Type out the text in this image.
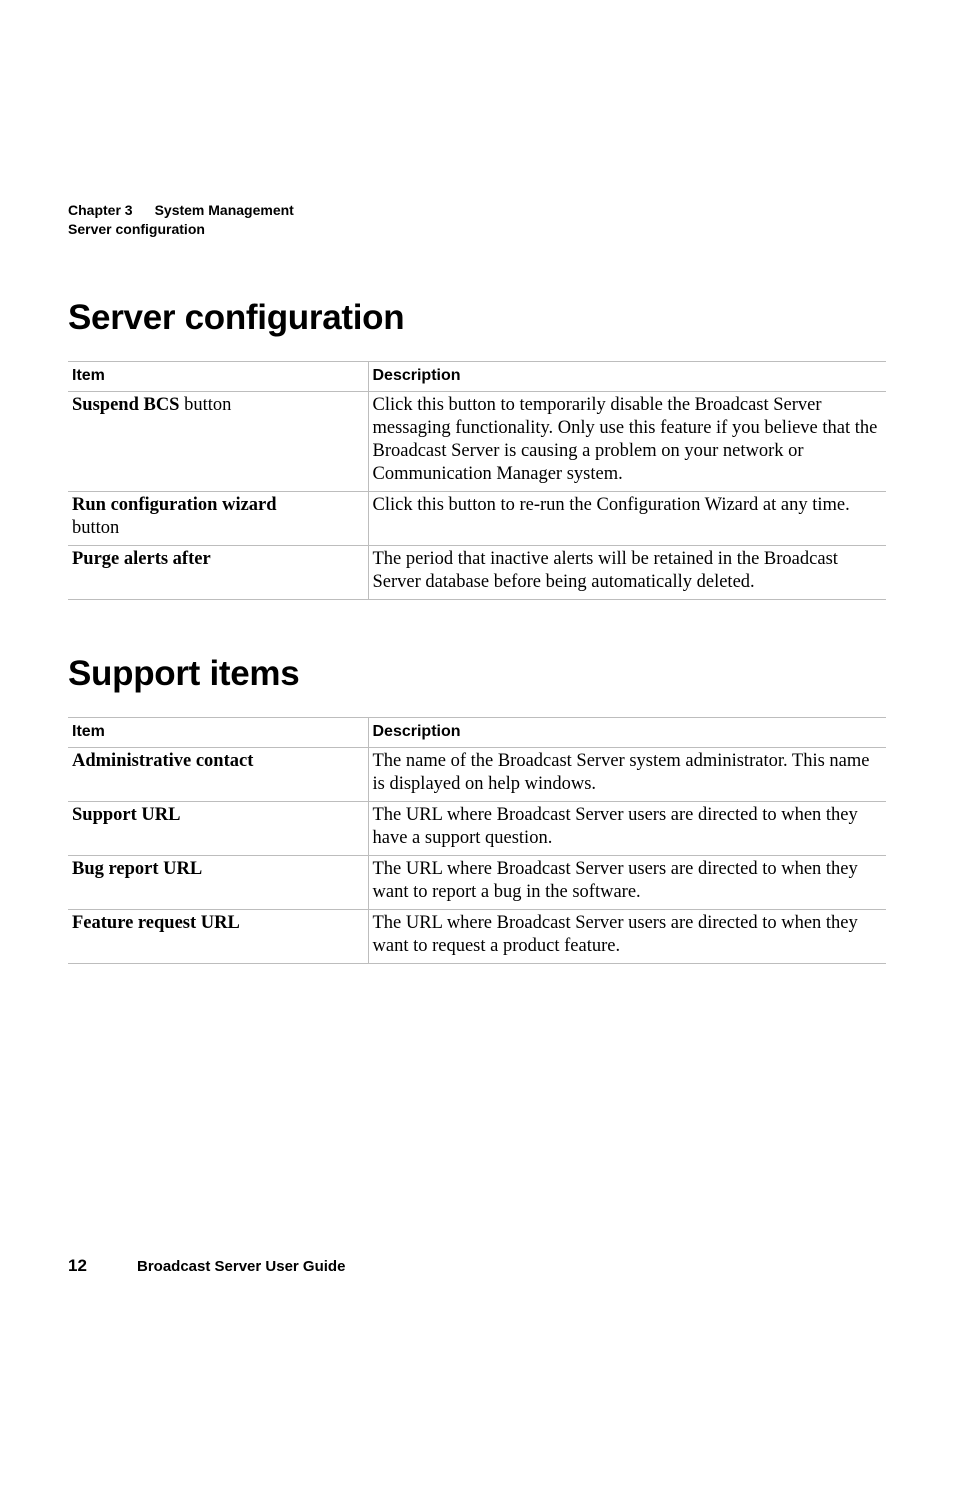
Chapter 3 System Management
Server configuration
Server configuration
Item	Description
Suspend BCS button	Click this button to temporarily disable the Broadcast Server messaging functionality. Only use this feature if you believe that the Broadcast Server is causing a problem on your network or Communication Manager system.
Run configuration wizard
button	Click this button to re-run the Configuration Wizard at any time.
Purge alerts after	The period that inactive alerts will be retained in the Broadcast Server database before being automatically deleted.
Support items
Item	Description
Administrative contact	The name of the Broadcast Server system administrator. This name is displayed on help windows.
Support URL	The URL where Broadcast Server users are directed to when they have a support question.
Bug report URL	The URL where Broadcast Server users are directed to when they want to report a bug in the software.
Feature request URL	The URL where Broadcast Server users are directed to when they want to request a product feature.
12	Broadcast Server User Guide
